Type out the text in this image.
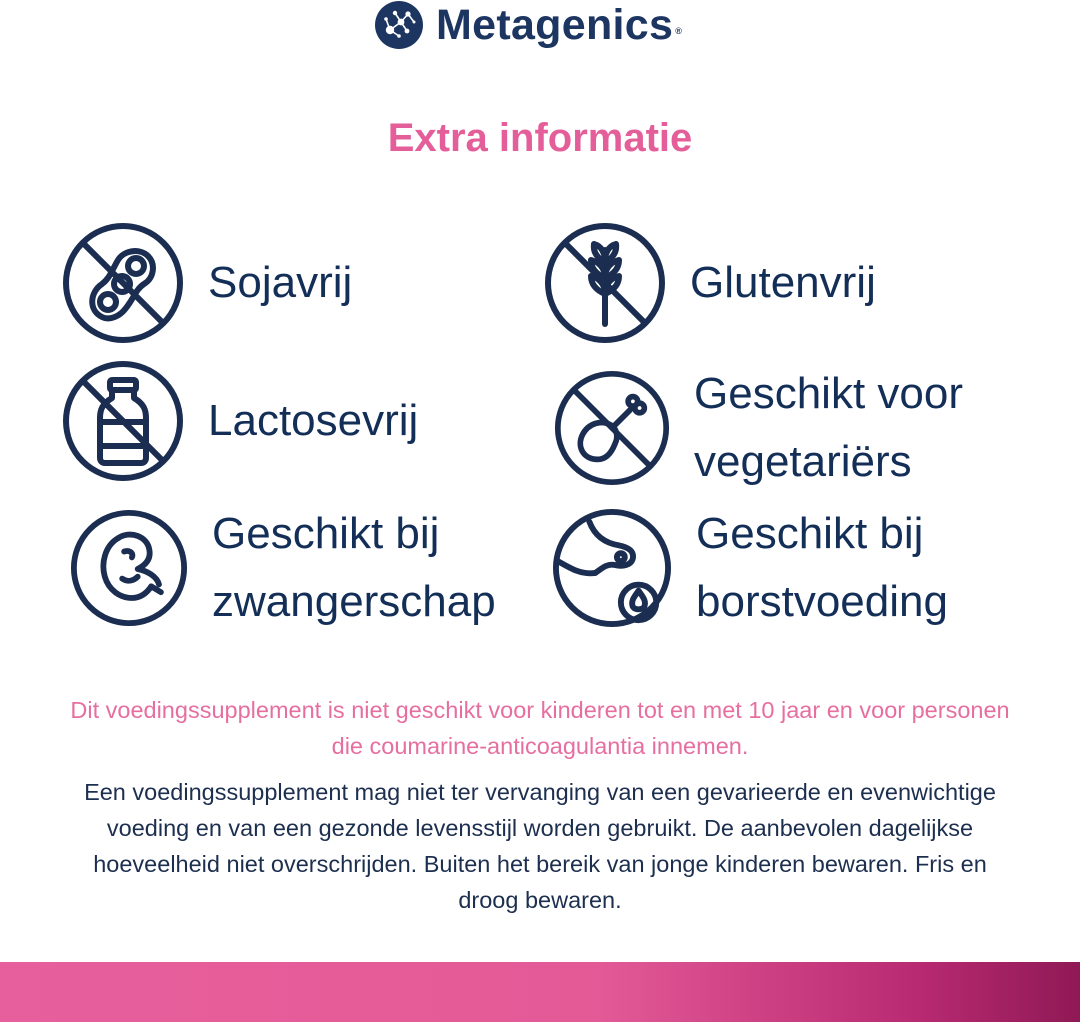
Metagenics ®
Extra informatie
Sojavrij	Glutenvrij
Lactosevrij
Geschikt voor
vegetariërs
Geschikt bij
zwangerschap
Geschikt bij
borstvoeding
Dit voedingssupplement is niet geschikt voor kinderen tot en met 10 jaar en voor personen die coumarine-anticoagulantia innemen.
Een voedingssupplement mag niet ter vervanging van een gevarieerde en evenwichtige voeding en van een gezonde levensstijl worden gebruikt. De aanbevolen dagelijkse hoeveelheid niet overschrijden. Buiten het bereik van jonge kinderen bewaren. Fris en droog bewaren.
